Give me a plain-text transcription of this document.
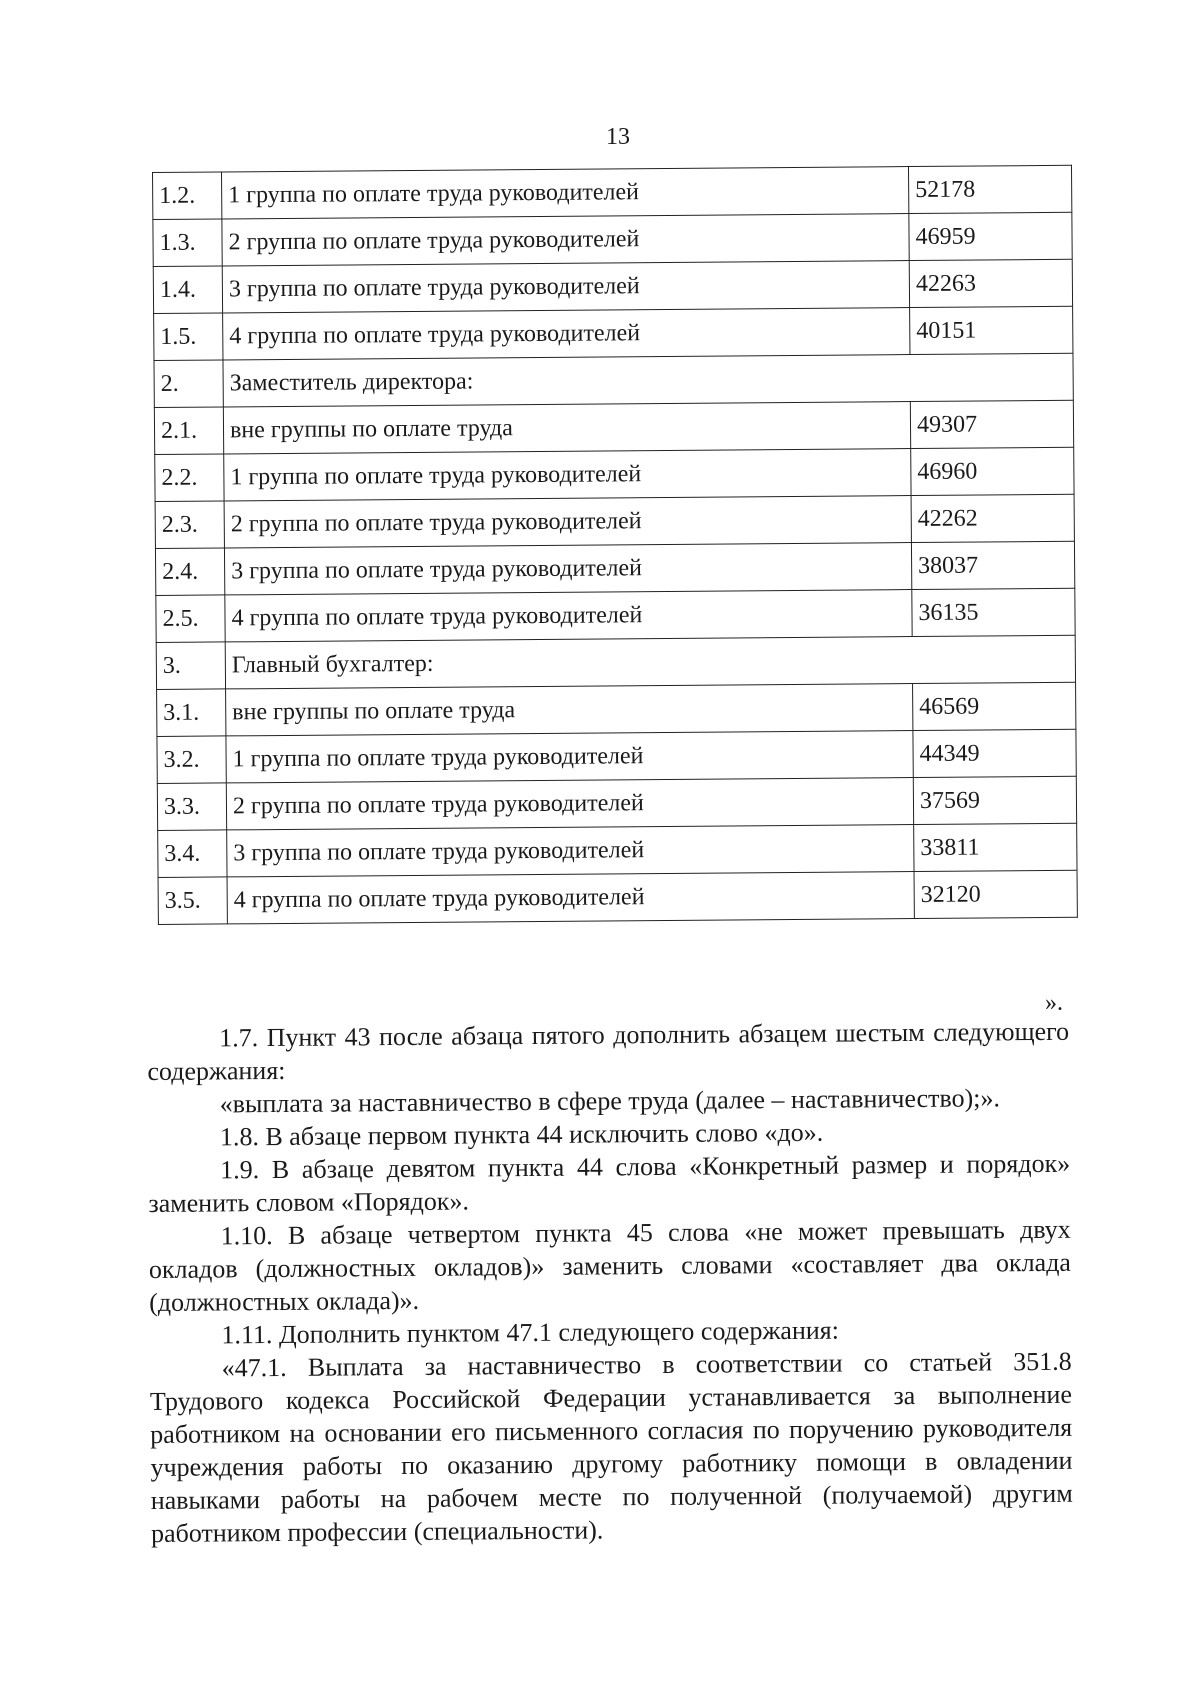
13
1.2.	1 группа по оплате труда руководителей	52178
1.3.	2 группа по оплате труда руководителей	46959
1.4.	3 группа по оплате труда руководителей	42263
1.5.	4 группа по оплате труда руководителей	40151
2.	Заместитель директора:	
2.1.	вне группы по оплате труда	49307
2.2.	1 группа по оплате труда руководителей	46960
2.3.	2 группа по оплате труда руководителей	42262
2.4.	3 группа по оплате труда руководителей	38037
2.5.	4 группа по оплате труда руководителей	36135
3.	Главный бухгалтер:	
3.1.	вне группы по оплате труда	46569
3.2.	1 группа по оплате труда руководителей	44349
3.3.	2 группа по оплате труда руководителей	37569
3.4.	3 группа по оплате труда руководителей	33811
3.5.	4 группа по оплате труда руководителей	32120
».

1.7. Пункт 43 после абзаца пятого дополнить абзацем шестым следующего содержания:

«выплата за наставничество в сфере труда (далее – наставничество);».

1.8. В абзаце первом пункта 44 исключить слово «до».

1.9. В абзаце девятом пункта 44 слова «Конкретный размер и порядок» заменить словом «Порядок».

1.10. В абзаце четвертом пункта 45 слова «не может превышать двух окладов (должностных окладов)» заменить словами «составляет два оклада (должностных оклада)».

1.11. Дополнить пунктом 47.1 следующего содержания:

«47.1. Выплата за наставничество в соответствии со статьей 351.8 Трудового кодекса Российской Федерации устанавливается за выполнение работником на основании его письменного согласия по поручению руководителя учреждения работы по оказанию другому работнику помощи в овладении навыками работы на рабочем месте по полученной (получаемой) другим работником профессии (специальности).
